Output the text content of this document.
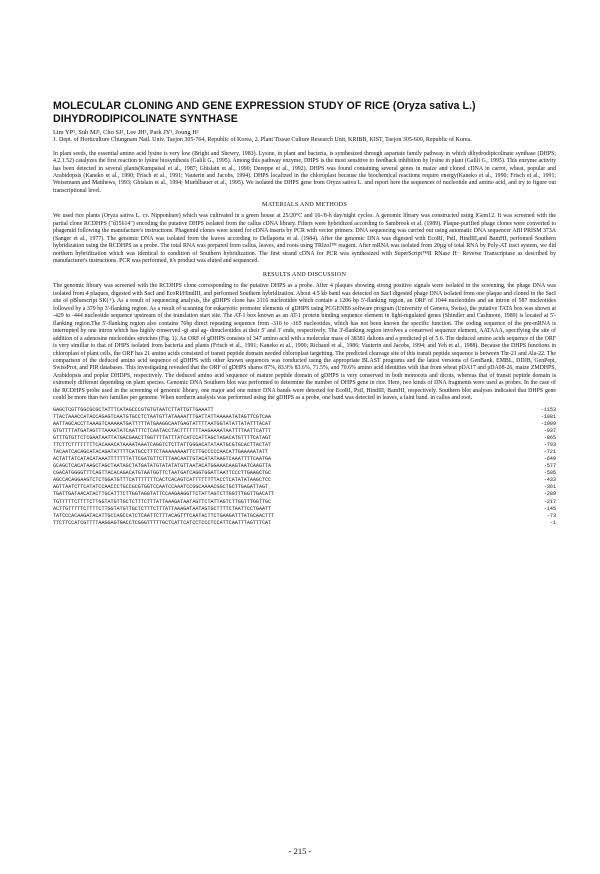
MOLECULAR CLONING AND GENE EXPRESSION STUDY OF RICE (Oryza sativa L.) DIHYDRODIPICOLINATE SYNTHASE

Lim YP¹, Suh MJ¹, Cho SJ¹, Lee JH¹, Park JY¹, Joung H²

1. Dept. of Horticulture Chungnam Natl. Univ. Taejon 305-764, Republic of Korea, 2. Plant Tissue Culture Research Unit, KRIBB, KIST, Taejon 305-600, Republic of Korea.

In plant seeds, the essential amino acid lysine is very low (Bright and Shewry, 1983). Lysine, in plant and bacteria, is synthesized through aspartate family pathway in which dihydrodipicolinate synthase (DHPS; 4.2.1.52) catalyzes the first reaction to lysine biosynthesis (Galili G., 1995). Among this pathway enzyme, DHPS is the most sensitive to feedback inhibition by lysine in plant (Galili G., 1995). This enzyme activity has been detected in several plants(Kumpaisal et al., 1987; Ghislain et al., 1990; Dereppe et al., 1992). DHPS was found containing several genes in maize and cloned cDNA in carrot, wheat, popular and Arabidopsis (Kaneko et al., 1990; Frisch et al., 1991; Vauterin and Jacobs, 1994). DHPS localized in the chloroplast because the biochemical reactions require energy(Kaneko et al., 1990; Frisch et al., 1991; Weisemann and Matthews, 1993; Ghislain et al., 1994; Muehlbauer et al., 1995). We isolated the DHPS gene from Oryza sativa L. and report here the sequences of nucleotide and amino acid, and try to figure out transcriptional level.

MATERIALS AND METHODS

We used rice plants (Oryza sativa L. cv. Nipponbare) which was cultivated in a green house at 25/20°C and 16-/8-h day/night cycles. A genomic library was constructed using lGem12. It was screened with the partial clone RCDHPS ("d15614") encoding the putative DHPS isolated from the callus cDNA library. Filters were hybridized according to Sambrook et al. (1989). Plaque-purified phage clones were converted to phagemid following the manufacture's instructions. Phagemid clones were tested for cDNA inserts by PCR with vector primers. DNA sequencing was carried out using automatic DNA sequencer ABI PRISM 373A (Sanger et al., 1977). The genomic DNA was isolated from the leaves according to Dellaporta et al. (1984). After the genomic DNA was digested with EcoRI, PstI, HindIII,and BamHI, perfomed Southern hybridization using the RCDHPS as a probe. The total RNA was prepared from callus, leaves, and roots using TRIzol™ reagent. After mRNA was isolated from 20µg of total RNA by Poly-AT tract system, we did northern hybridization which was identical to condition of Southern hybridization. The first strand cDNA for PCR was synthesized with SuperScript™II RNase H⁻ Reverse Transcriptase as described by manufacturer's instructions. PCR was performed, it's product was eluted and sequenced.

RESULTS AND DISCUSSION

The genomic library was screened with the RCDHPS clone corresponding to the putative DHPS as a probe. After 4 plaques showing strong positive signals were isolated in the screening, the phage DNA was isolated from 4 plaques, digested with SacI and EcoRI/HindIII, and performed Southern hybridization. About 4.5 kb band was detected on SacI digested phage DNA isolated from one plaque and cloned in the SacI site of pBluescript SK(+). As a result of sequencing analysis, the gDHPS clone has 3116 nucleotides which contain a 1206 bp 5'-flanking region, an ORF of 1044 nucleotides and an intron of 587 nucleotides followed by a 379 bp 3'-flanking region. As a result of scanning for eukaryotic promoter elements of gDHPS using PCGENE6 software program (University of Geneva, Swiss), the putative TATA box was shown at -429 to -444 nucleotide sequence upstream of the translation start site. The AT-1 box known as an AT-1 protein binding sequence element in light-regulated genes (Shindler and Cashmore, 1989) is located at 5'-flanking region.The 5'-flanking region also contains 76bp direct repeating sequence from -316 to -165 nucleotides, which has not been known the specific function. The coding sequence of the pre-mRNA is interrupted by one intron which has highly conserved -gt and ag- dinucleotides at their 5' and 3' ends, respectively. The 3'-flanking region involves a conserved sequence element, AATAAA, specifying the site of addition of a adenosine nucleotides stretches (Fig. 1). An ORF of gDHPS consists of 347 amino acid with a molecular mass of 38381 daltons and a predicted pI of 5.6. The deduced amino acids sequence of the ORF is very simillar to that of DHPS isolated from bacteria and plants (Frisch et al., 1991; Kaneko et al., 1990; Richaud et al., 1986; Vauterin and Jacobs, 1994; and Yeh et al., 1988). Because the DHPS functions in chloroplast of plant cells, the ORF has 21 amino acids consisted of transit peptide domain needed chloroplast targetting. The predicted cleavage site of this transit peptide sequence is between Thr-21 and Ala-22. The comparison of the deduced amino acid sequence of gDHPS with other known sequences was conducted using the appropriate BLAST programs and the latest versions of GenBank, EMBL, DDJB, GenPept, SwissProt, and PIR databases. This investigating revealed that the ORF of gDHPS shares 87%, 83.9% 83.6%, 71.5%, and 70.6% amino acid identities with that from wheat pDA17 and pDA08-26, maize ZMDHPS, Arabidopsis and poplar DHDPS, respectively. The deduced amino acid sequence of mature peptide domain of gDHPS is very conserved in both monocots and dicots, whereas that of transit peptide domain is extremely different depending on plant species. Genomic DNA Southern blot was performed to determine the number of DHPS gene in rice. Here, two kinds of DNA fragments were used as probes. In the case of the RCDHPS probe used in the screening of genomic library, one major and one minor DNA bands were detected for EcoRI, PstI, HindIII, BamHI, respectively. Southern blot analyses indicated that DHPS gene could be more than two families per genome. When northern analysis was performed using the gDHPS as a probe, one band was detected in leaves, a faint band. in callus and root.

GAGCTCGTTGGCGCGCTATTTCATAGCCCGTGTGTAATCTTATTGTTGAAATT	-1153
TTACTAAACCATACCAGAGTCAATGTGCCTCTAATGTTATAAAATTTGATTATTAAAAATATAGTTCGTCAA	-1081
AATTAGCACCTTAAAGTCAAAAATGATTTTTATGAAGGCAATGAGTATTTTAATGGTATATTATATTTACAT	-1009
GTGTTTTATGATAGTTTAAAATATCAATTTCTCAATACCTACTTTTTTTAAGAAAATAATTTTAATTCATTT	-937
GTTTGTGTTCTCGAATAATTATGACGAACTTGGTTTTATTTATCATCCATTAGCTAGACATGTTTTCATAGT	-865
TTCTTCTTTTTTTTCACAAACATAAAATAAATCAGGTCTCTTATTGGGACATATAATGCGTGCACTTACTAT	-793
TACAATCACAGCATACAGATATTTTCATGCCTTTCTAAAAAAAATTCTTGCCCCCAACATTGAAAAATATT	-721
ACTATTATCATACATAAATTTTTTTATTCGATGTTCTTTAACAATTGTACATATAAGTCAAATTTTCAATGA	-649
GCAGCTCACATAAGCTAGCTAATAGCTATGATATGTATATATGTTAATACATGGAAACAAGTAATCAAGTTA	-577
CGACATGGGGTTTCAGTTACACAGACATGTAATGGTTCTAATGATCAGGTGGATTAATTCCCTTGAAGCTGC	-505
AGCCACAGGAAGTCTCTGGATGTTTCATTTTTTTCACTCACAGTCATTTTTTTTACCTCATATATAAGCTCC	-433
AGTTAATCTTCATATCCAACCCTGCCGCGTGGTCCAATCCAAATCCGGCAAAACGGCTGCTTGAGATTAGT	-361
TGATTGATAACATACTTGCATTTCTTGGTAGGTATTCCAAGAAGGTTCTATTAGTCTTGGTTTGGTTGACATT	-289
TGTTTTTCTTTTCTTGGTATGTTGCTCTTTCTTTATTAAAGATAATAGTTCTATTAGTCTTGGTTTGGTTGC	-217
ACTTGTTTTTCTTTTCTTGGTATGTTGCTCTTTCTTTATTAAAGATAATAGTGCTTTTCTAATTCCTGAATT	-145
TATCCCACAAGATACATTGCCAGCCATCTCAATTCTTTACAGTTTCAATACTTCTGAAGATTTATGCAACTTT	-73
TTCTTCCATCGTTTTAAGGAGTGACCTCGGGTTTTTGCTCATTCATCCTCCCTCCATTCAATTTAGTTTCAT	-1
- 215 -
